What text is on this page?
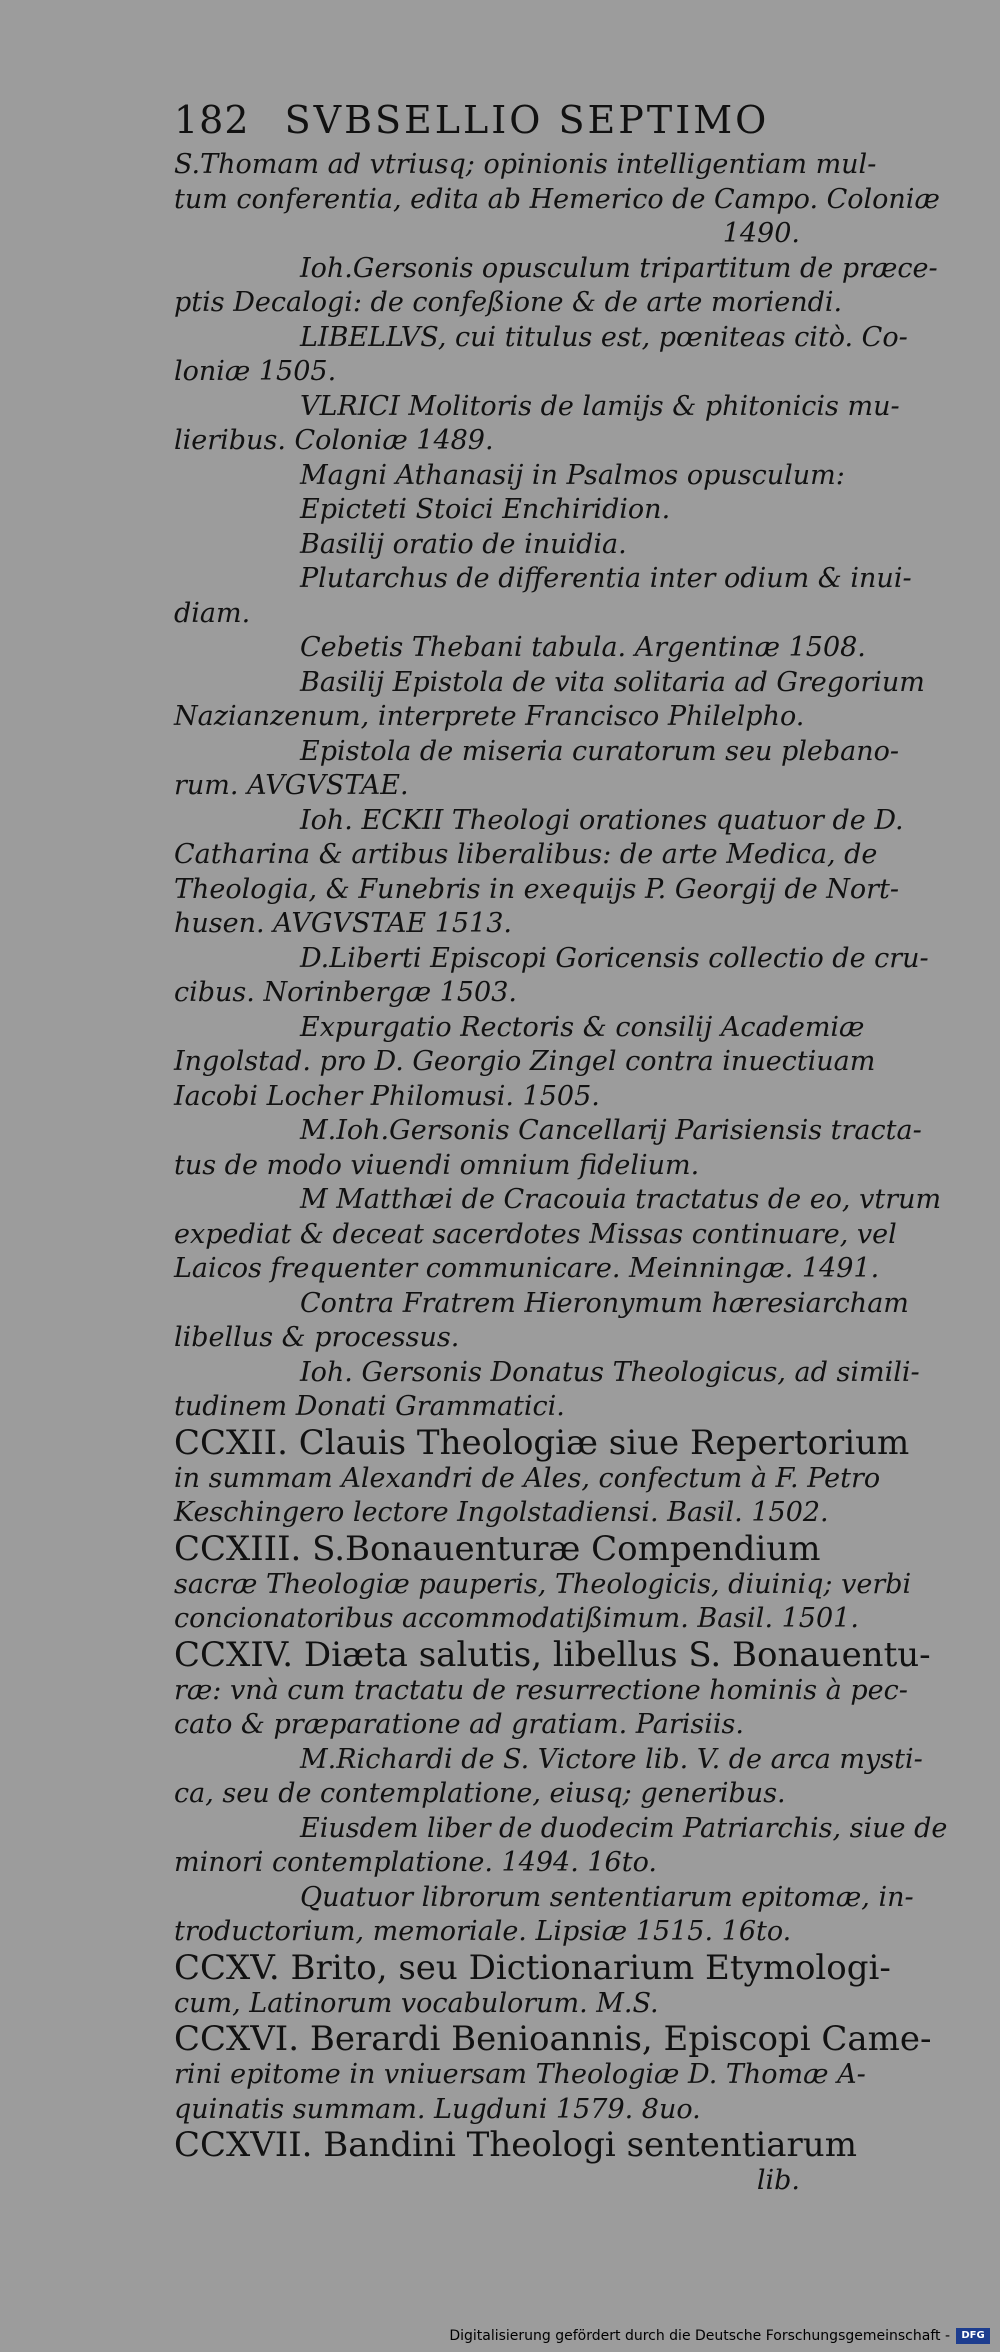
182 SVBSELLIO SEPTIMO
S.Thomam ad vtriusq; opinionis intelligentiam mul-
tum conferentia, edita ab Hemerico de Campo. Coloniæ
1490.
Ioh.Gersonis opusculum tripartitum de præce-
ptis Decalogi: de confeßione & de arte moriendi.
LIBELLVS, cui titulus est, pœniteas citò. Co-
loniæ 1505.
VLRICI Molitoris de lamijs & phitonicis mu-
lieribus. Coloniæ 1489.
Magni Athanasij in Psalmos opusculum:
Epicteti Stoici Enchiridion.
Basilij oratio de inuidia.
Plutarchus de differentia inter odium & inui-
diam.
Cebetis Thebani tabula. Argentinæ 1508.
Basilij Epistola de vita solitaria ad Gregorium
Nazianzenum, interprete Francisco Philelpho.
Epistola de miseria curatorum seu plebano-
rum. AVGVSTAE.
Ioh. ECKII Theologi orationes quatuor de D.
Catharina & artibus liberalibus: de arte Medica, de
Theologia, & Funebris in exequijs P. Georgij de Nort-
husen. AVGVSTAE 1513.
D.Liberti Episcopi Goricensis collectio de cru-
cibus. Norinbergæ 1503.
Expurgatio Rectoris & consilij Academiæ
Ingolstad. pro D. Georgio Zingel contra inuectiuam
Iacobi Locher Philomusi. 1505.
M.Ioh.Gersonis Cancellarij Parisiensis tracta-
tus de modo viuendi omnium fidelium.
M Matthæi de Cracouia tractatus de eo, vtrum
expediat & deceat sacerdotes Missas continuare, vel
Laicos frequenter communicare. Meinningæ. 1491.
Contra Fratrem Hieronymum hæresiarcham
libellus & processus.
Ioh. Gersonis Donatus Theologicus, ad simili-
tudinem Donati Grammatici.
CCXII. Clauis Theologiæ siue Repertorium
in summam Alexandri de Ales, confectum à F. Petro
Keschingero lectore Ingolstadiensi. Basil. 1502.
CCXIII. S.Bonauenturæ Compendium
sacræ Theologiæ pauperis, Theologicis, diuiniq; verbi
concionatoribus accommodatißimum. Basil. 1501.
CCXIV. Diæta salutis, libellus S. Bonauentu-
ræ: vnà cum tractatu de resurrectione hominis à pec-
cato & præparatione ad gratiam. Parisiis.
M.Richardi de S. Victore lib. V. de arca mysti-
ca, seu de contemplatione, eiusq; generibus.
Eiusdem liber de duodecim Patriarchis, siue de
minori contemplatione. 1494. 16to.
Quatuor librorum sententiarum epitomæ, in-
troductorium, memoriale. Lipsiæ 1515. 16to.
CCXV. Brito, seu Dictionarium Etymologi-
cum, Latinorum vocabulorum. M.S.
CCXVI. Berardi Benioannis, Episcopi Came-
rini epitome in vniuersam Theologiæ D. Thomæ A-
quinatis summam. Lugduni 1579. 8uo.
CCXVII. Bandini Theologi sententiarum
lib.
Digitalisierung gefördert durch die Deutsche Forschungsgemeinschaft -	DFG
